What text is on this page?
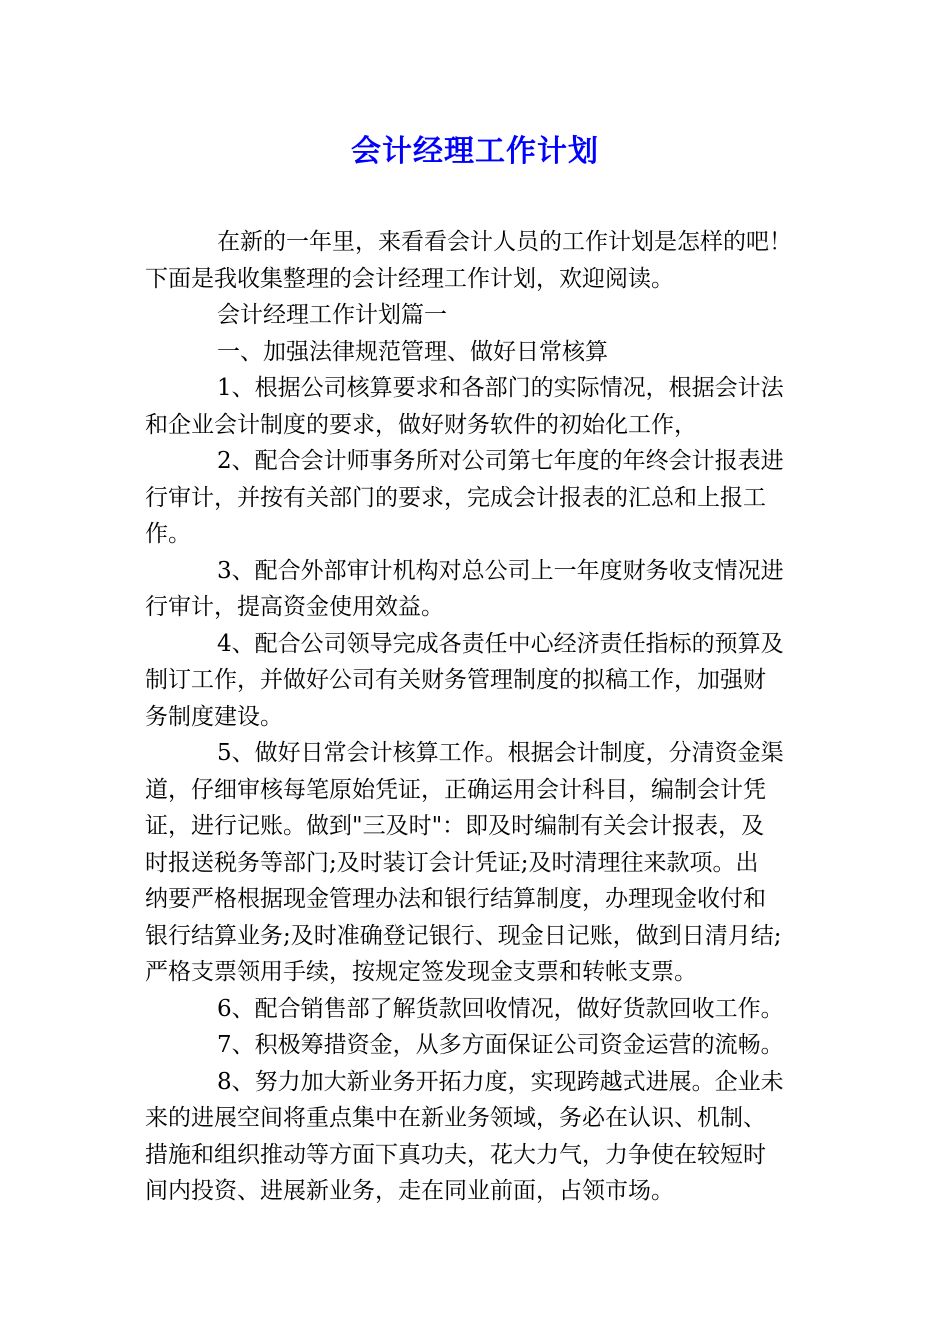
会计经理工作计划

在新的一年里，来看看会计人员的工作计划是怎样的吧！
下面是我收集整理的会计经理工作计划，欢迎阅读。

会计经理工作计划篇一

一、加强法律规范管理、做好日常核算

1、根据公司核算要求和各部门的实际情况，根据会计法
和企业会计制度的要求，做好财务软件的初始化工作，

2、配合会计师事务所对公司第七年度的年终会计报表进
行审计，并按有关部门的要求，完成会计报表的汇总和上报工
作。

3、配合外部审计机构对总公司上一年度财务收支情况进
行审计，提高资金使用效益。

4、配合公司领导完成各责任中心经济责任指标的预算及
制订工作，并做好公司有关财务管理制度的拟稿工作，加强财
务制度建设。

5、做好日常会计核算工作。根据会计制度，分清资金渠
道，仔细审核每笔原始凭证，正确运用会计科目，编制会计凭
证，进行记账。做到"三及时"：即及时编制有关会计报表，及
时报送税务等部门;及时装订会计凭证;及时清理往来款项。出
纳要严格根据现金管理办法和银行结算制度，办理现金收付和
银行结算业务;及时准确登记银行、现金日记账，做到日清月结;
严格支票领用手续，按规定签发现金支票和转帐支票。

6、配合销售部了解货款回收情况，做好货款回收工作。

7、积极筹措资金，从多方面保证公司资金运营的流畅。

8、努力加大新业务开拓力度，实现跨越式进展。企业未
来的进展空间将重点集中在新业务领域，务必在认识、机制、
措施和组织推动等方面下真功夫，花大力气，力争使在较短时
间内投资、进展新业务，走在同业前面，占领市场。
